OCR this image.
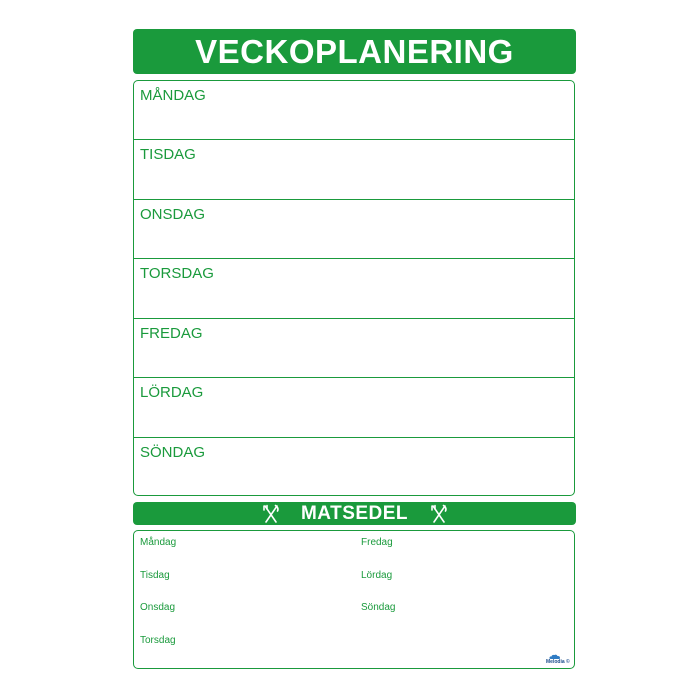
VECKOPLANERING
MÅNDAG
TISDAG
ONSDAG
TORSDAG
FREDAG
LÖRDAG
SÖNDAG
MATSEDEL
Måndag
Tisdag
Onsdag
Torsdag
Fredag
Lördag
Söndag
Melodia ©
